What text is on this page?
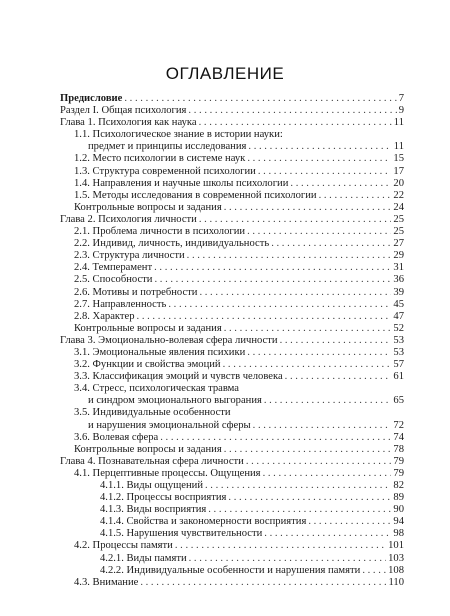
ОГЛАВЛЕНИЕ
Предисловие . . .	7
Раздел I. Общая психология . . .	9
Глава 1. Психология как наука . . .	11
1.1. Психологическое знание в истории науки:
предмет и принципы исследования . . .	11
1.2. Место психологии в системе наук . . .	15
1.3. Структура современной психологии . . .	17
1.4. Направления и научные школы психологии . . .	20
1.5. Методы исследования в современной психологии . . .	22
Контрольные вопросы и задания . . .	24
Глава 2. Психология личности . . .	25
2.1. Проблема личности в психологии . . .	25
2.2. Индивид, личность, индивидуальность . . .	27
2.3. Структура личности . . .	29
2.4. Темперамент . . .	31
2.5. Способности . . .	36
2.6. Мотивы и потребности . . .	39
2.7. Направленность . . .	45
2.8. Характер . . .	47
Контрольные вопросы и задания . . .	52
Глава 3. Эмоционально-волевая сфера личности . . .	53
3.1. Эмоциональные явления психики . . .	53
3.2. Функции и свойства эмоций . . .	57
3.3. Классификация эмоций и чувств человека . . .	61
3.4. Стресс, психологическая травма
и синдром эмоционального выгорания . . .	65
3.5. Индивидуальные особенности
и нарушения эмоциональной сферы . . .	72
3.6. Волевая сфера . . .	74
Контрольные вопросы и задания . . .	78
Глава 4. Познавательная сфера личности . . .	79
4.1. Перцептивные процессы. Ощущения . . .	79
4.1.1. Виды ощущений . . .	82
4.1.2. Процессы восприятия . . .	89
4.1.3. Виды восприятия . . .	90
4.1.4. Свойства и закономерности восприятия . . .	94
4.1.5. Нарушения чувствительности . . .	98
4.2. Процессы памяти . . .	101
4.2.1. Виды памяти . . .	103
4.2.2. Индивидуальные особенности и нарушения памяти . . .	108
4.3. Внимание . . .	110
